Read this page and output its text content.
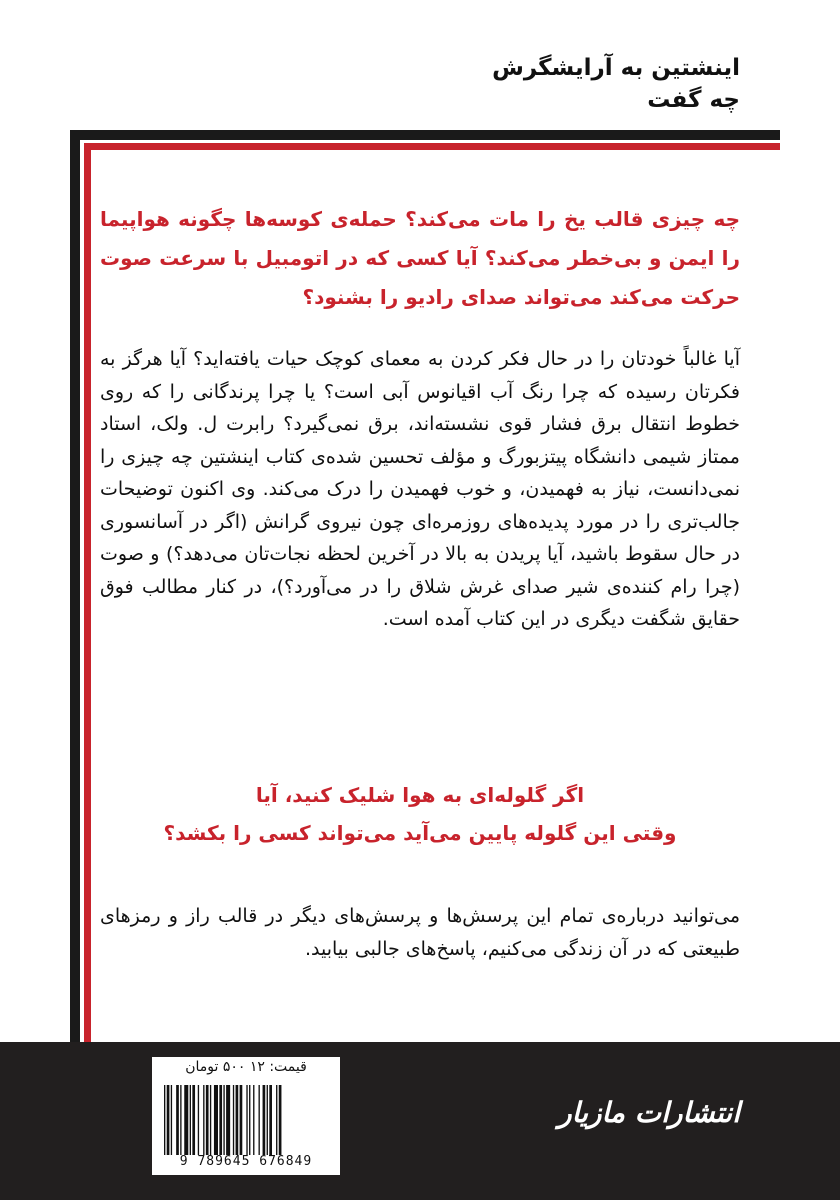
اینشتین به آرایشگرش
چه گفت
چه چیزی قالب یخ را مات می‌کند؟ حمله‌ی کوسه‌ها چگونه هواپیما را ایمن و بی‌خطر می‌کند؟ آیا کسی که در اتومبیل با سرعت صوت حرکت می‌کند می‌تواند صدای رادیو را بشنود؟
آیا غالباً خودتان را در حال فکر کردن به معمای کوچک حیات یافته‌اید؟ آیا هرگز به فکرتان رسیده که چرا رنگ آب اقیانوس آبی است؟ یا چرا پرندگانی را که روی خطوط انتقال برق فشار قوی نشسته‌اند، برق نمی‌گیرد؟ رابرت ل. ولک، استاد ممتاز شیمی دانشگاه پیتزبورگ و مؤلف تحسین شده‌ی کتاب اینشتین چه چیزی را نمی‌دانست، نیاز به فهمیدن، و خوب فهمیدن را درک می‌کند. وی اکنون توضیحات جالب‌تری را در مورد پدیده‌های روزمره‌ای چون نیروی گرانش (اگر در آسانسوری در حال سقوط باشید، آیا پریدن به بالا در آخرین لحظه نجات‌تان می‌دهد؟) و صوت (چرا رام کننده‌ی شیر صدای غرش شلاق را در می‌آورد؟)، در کنار مطالب فوق حقایق شگفت دیگری در این کتاب آمده است.
اگر گلوله‌ای به هوا شلیک کنید، آیا
وقتی این گلوله پایین می‌آید می‌تواند کسی را بکشد؟
می‌توانید درباره‌ی تمام این پرسش‌ها و پرسش‌های دیگر در قالب راز و رمزهای طبیعتی که در آن زندگی می‌کنیم، پاسخ‌های جالبی بیابید.
قیمت: ۱۲ ۵۰۰ تومان
9 789645 676849
انتشارات مازیار
